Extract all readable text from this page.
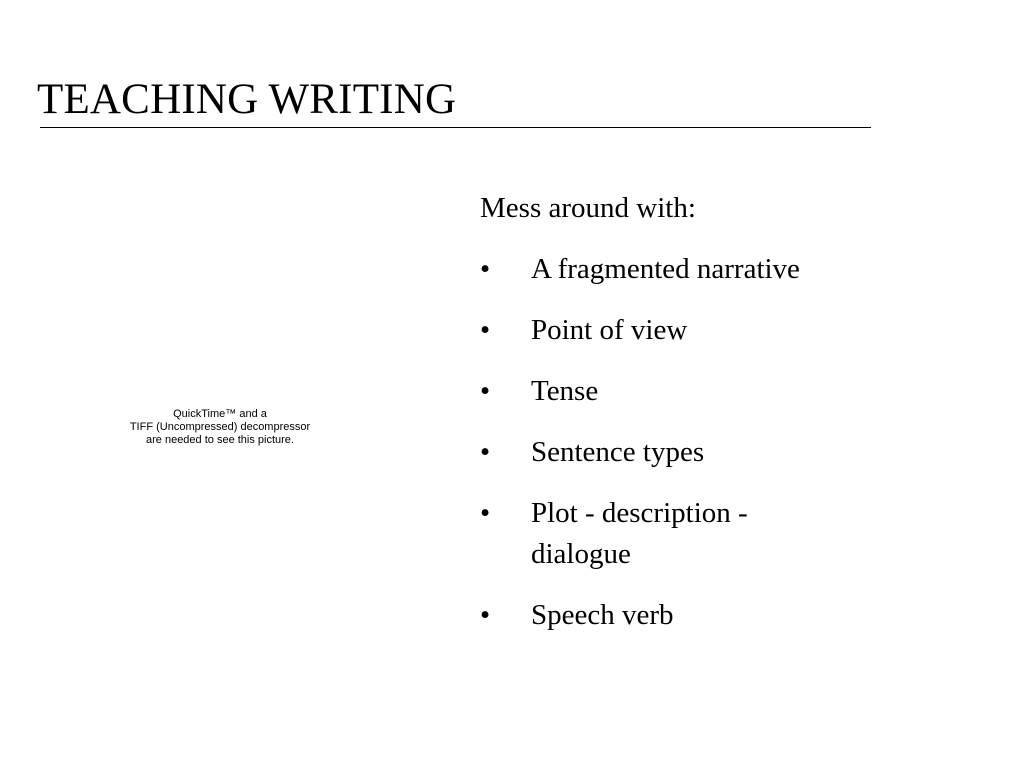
TEACHING WRITING
QuickTime™ and a
TIFF (Uncompressed) decompressor
are needed to see this picture.
Mess around with:
•	A fragmented narrative
•	Point of view
•	Tense
•	Sentence types
•	Plot - description - dialogue
•	Speech verb
